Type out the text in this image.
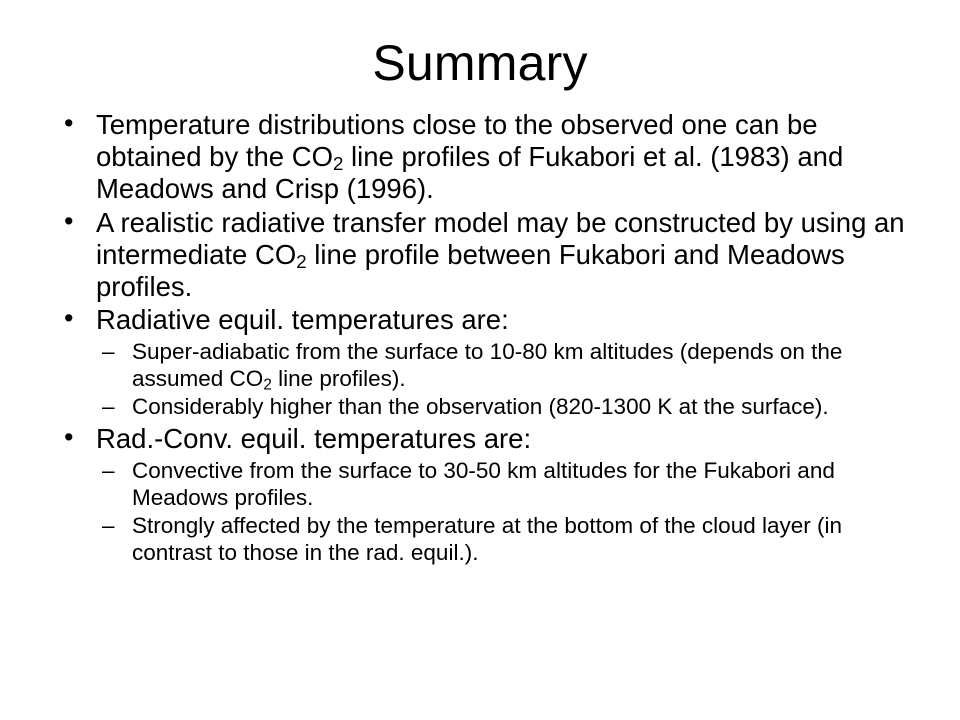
Summary
• Temperature distributions close to the observed one can be obtained by the $CO_2$ line profiles of Fukabori et al. (1983) and Meadows and Crisp (1996).
• A realistic radiative transfer model may be constructed by using an intermediate $CO_2$ line profile between Fukabori and Meadows profiles.
• Radiative equil. temperatures are:
– Super-adiabatic from the surface to 10-80 km altitudes (depends on the assumed $CO_2$ line profiles).
– Considerably higher than the observation (820-1300 K at the surface).
• Rad.-Conv. equil. temperatures are:
– Convective from the surface to 30-50 km altitudes for the Fukabori and Meadows profiles.
– Strongly affected by the temperature at the bottom of the cloud layer (in contrast to those in the rad. equil.).
